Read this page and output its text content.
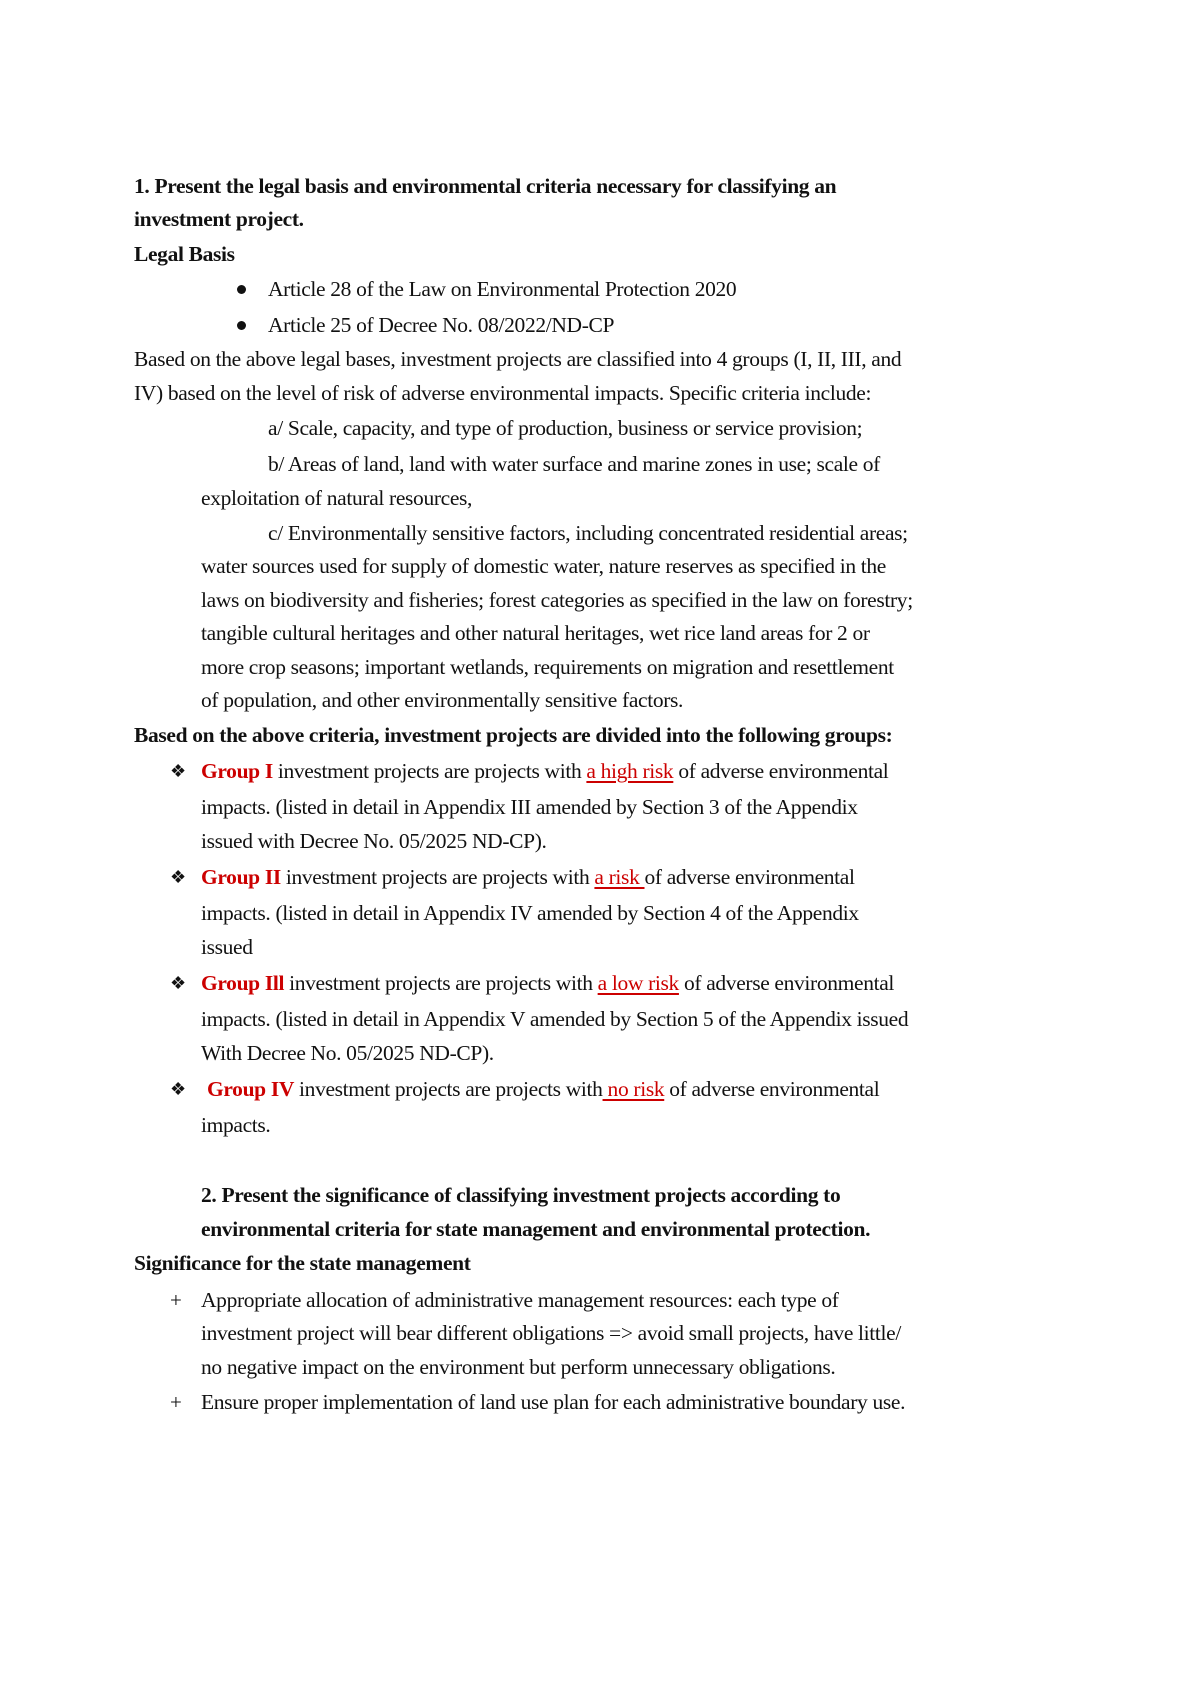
1. Present the legal basis and environmental criteria necessary for classifying an
investment project.
Legal Basis
Article 28 of the Law on Environmental Protection 2020
Article 25 of Decree No. 08/2022/ND-CP
Based on the above legal bases, investment projects are classified into 4 groups (I, II, III, and
IV) based on the level of risk of adverse environmental impacts. Specific criteria include:
a/ Scale, capacity, and type of production, business or service provision;
b/ Areas of land, land with water surface and marine zones in use; scale of
exploitation of natural resources,
c/ Environmentally sensitive factors, including concentrated residential areas;
water sources used for supply of domestic water, nature reserves as specified in the
laws on biodiversity and fisheries; forest categories as specified in the law on forestry;
tangible cultural heritages and other natural heritages, wet rice land areas for 2 or
more crop seasons; important wetlands, requirements on migration and resettlement
of population, and other environmentally sensitive factors.
Based on the above criteria, investment projects are divided into the following groups:
❖ Group I investment projects are projects with a high risk of adverse environmental
impacts. (listed in detail in Appendix III amended by Section 3 of the Appendix
issued with Decree No. 05/2025 ND-CP).
❖ Group II investment projects are projects with a risk of adverse environmental
impacts. (listed in detail in Appendix IV amended by Section 4 of the Appendix
issued
❖ Group Ill investment projects are projects with a low risk of adverse environmental
impacts. (listed in detail in Appendix V amended by Section 5 of the Appendix issued
With Decree No. 05/2025 ND-CP).
❖ Group IV investment projects are projects with no risk of adverse environmental
impacts.
2. Present the significance of classifying investment projects according to
environmental criteria for state management and environmental protection.
Significance for the state management
+ Appropriate allocation of administrative management resources: each type of
investment project will bear different obligations => avoid small projects, have little/
no negative impact on the environment but perform unnecessary obligations.
+ Ensure proper implementation of land use plan for each administrative boundary use.
